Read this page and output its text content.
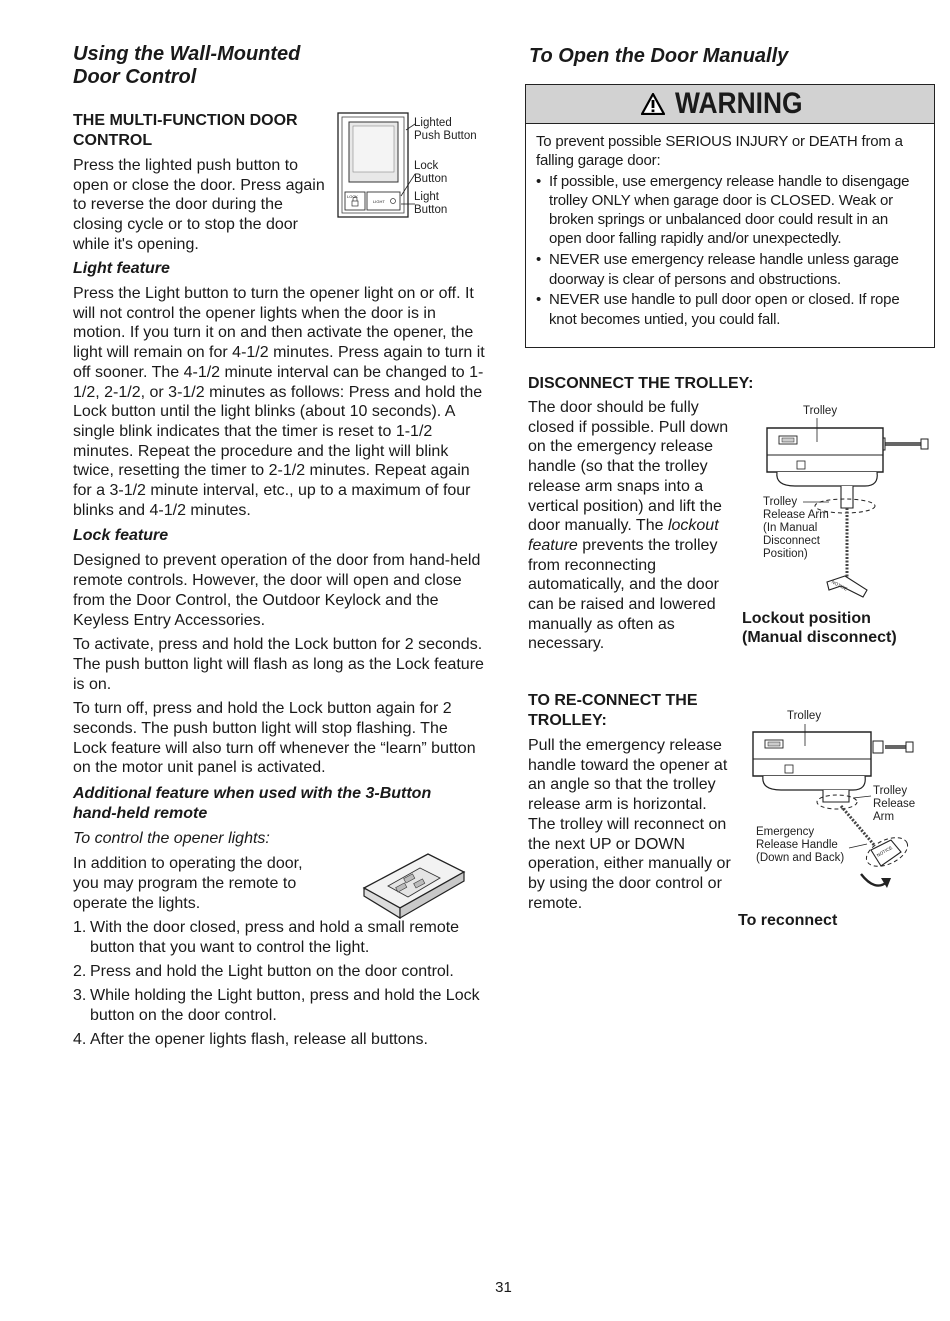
Using the Wall-Mounted

Door Control

THE MULTI-FUNCTION DOOR

CONTROL

Press the lighted push button to open or close the door. Press again to reverse the door during the closing cycle or to stop the door while it's opening.

LOCK
LIGHT
Lighted
Push Button
Lock
Button
Light
Button

Light feature

Press the Light button to turn the opener light on or off. It will not control the opener lights when the door is in motion. If you turn it on and then activate the opener, the light will remain on for 4-1/2 minutes. Press again to turn it off sooner. The 4-1/2 minute interval can be changed to 1-1/2, 2-1/2, or 3-1/2 minutes as follows: Press and hold the Lock button until the light blinks (about 10 seconds). A single blink indicates that the timer is reset to 1-1/2 minutes. Repeat the procedure and the light will blink twice, resetting the timer to 2-1/2 minutes. Repeat again for a 3-1/2 minute interval, etc., up to a maximum of four blinks and 4-1/2 minutes.

Lock feature

Designed to prevent operation of the door from hand-held remote controls. However, the door will open and close from the Door Control, the Outdoor Keylock and the Keyless Entry Accessories.

To activate, press and hold the Lock button for 2 seconds. The push button light will flash as long as the Lock feature is on.

To turn off, press and hold the Lock button again for 2 seconds. The push button light will stop flashing. The Lock feature will also turn off whenever the “learn” button on the motor unit panel is activated.

Additional feature when used with the 3-Button

hand-held remote

To control the opener lights:

In addition to operating the door, you may program the remote to operate the lights.

1. With the door closed, press and hold a small remote button that you want to control the light.
2. Press and hold the Light button on the door control.
3. While holding the Light button, press and hold the Lock button on the door control.
4. After the opener lights flash, release all buttons.

To Open the Door Manually

WARNING
To prevent possible SERIOUS INJURY or DEATH from a falling garage door:
• If possible, use emergency release handle to disengage trolley ONLY when garage door is CLOSED. Weak or broken springs or unbalanced door could result in an open door falling rapidly and/or unexpectedly.
• NEVER use emergency release handle unless garage doorway is clear of persons and obstructions.
• NEVER use handle to pull door open or closed. If rope knot becomes untied, you could fall.

DISCONNECT THE TROLLEY:

The door should be fully closed if possible. Pull down on the emergency release handle (so that the trolley release arm snaps into a vertical position) and lift the door manually. The lockout feature prevents the trolley from reconnecting automatically, and the door can be raised and lowered manually as often as necessary.

Trolley
Trolley
Release Arm
(In Manual
Disconnect
Position)
NOTICE
Lockout position
(Manual disconnect)

TO RE-CONNECT THE

TROLLEY:

Pull the emergency release handle toward the opener at an angle so that the trolley release arm is horizontal. The trolley will reconnect on the next UP or DOWN operation, either manually or by using the door control or remote.

Trolley
Trolley
Release
Arm
Emergency
Release Handle
(Down and Back)
NOTICE
To reconnect
31
